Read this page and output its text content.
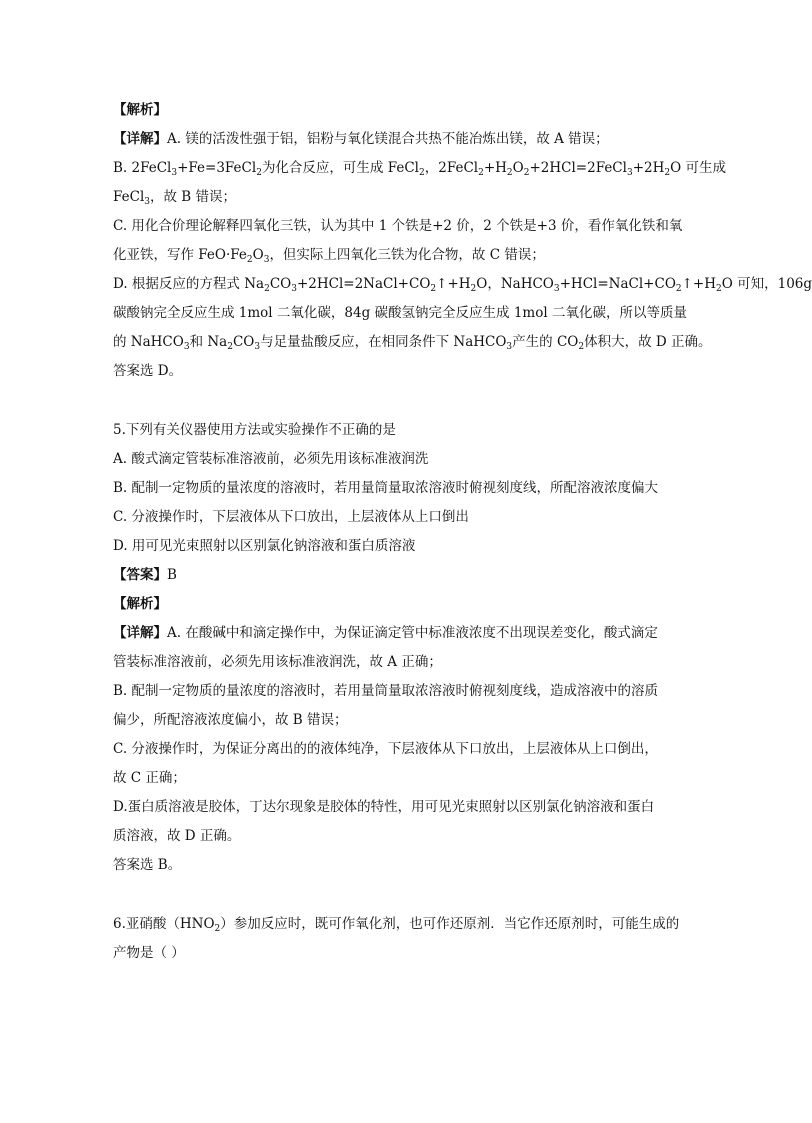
【解析】
【详解】A. 镁的活泼性强于铝，铝粉与氧化镁混合共热不能冶炼出镁，故 A 错误；
B. 2FeCl$_3$+Fe=3FeCl$_2$为化合反应，可生成 FeCl$_2$，$2FeCl_2+H_2O_2+2HCl=2FeCl_3+2H_2O$ 可生成
FeCl$_3$，故 B 错误；
C. 用化合价理论解释四氧化三铁，认为其中 1 个铁是+2 价，2 个铁是+3 价，看作氧化铁和氧
化亚铁，写作 $FeO\cdot Fe_2O_3$，但实际上四氧化三铁为化合物，故 C 错误；
D. 根据反应的方程式 $Na_2CO_3+2HCl=2NaCl+CO_2↑+H_2O$，$NaHCO_3+HCl=NaCl+CO_2↑+H_2O$ 可知，106g
碳酸钠完全反应生成 1mol 二氧化碳，84g 碳酸氢钠完全反应生成 1mol 二氧化碳，所以等质量
的 NaHCO$_3$和 $Na_2CO_3$与足量盐酸反应，在相同条件下 NaHCO$_3$产生的 $CO_2$体积大，故 D 正确。
答案选 D。
5.下列有关仪器使用方法或实验操作不正确的是
A. 酸式滴定管装标准溶液前，必须先用该标准液润洗
B. 配制一定物质的量浓度的溶液时，若用量筒量取浓溶液时俯视刻度线，所配溶液浓度偏大
C. 分液操作时，下层液体从下口放出，上层液体从上口倒出
D. 用可见光束照射以区别氯化钠溶液和蛋白质溶液
【答案】B
【解析】
【详解】A. 在酸碱中和滴定操作中，为保证滴定管中标准液浓度不出现误差变化，酸式滴定
管装标准溶液前，必须先用该标准液润洗，故 A 正确；
B. 配制一定物质的量浓度的溶液时，若用量筒量取浓溶液时俯视刻度线，造成溶液中的溶质
偏少，所配溶液浓度偏小，故 B 错误；
C. 分液操作时，为保证分离出的的液体纯净，下层液体从下口放出，上层液体从上口倒出，
故 C 正确；
D.蛋白质溶液是胶体，丁达尔现象是胶体的特性，用可见光束照射以区别氯化钠溶液和蛋白
质溶液，故 D 正确。
答案选 B。
6.亚硝酸$(HNO_2)$参加反应时，既可作氧化剂，也可作还原剂．当它作还原剂时，可能生成的
产物是（ ）
